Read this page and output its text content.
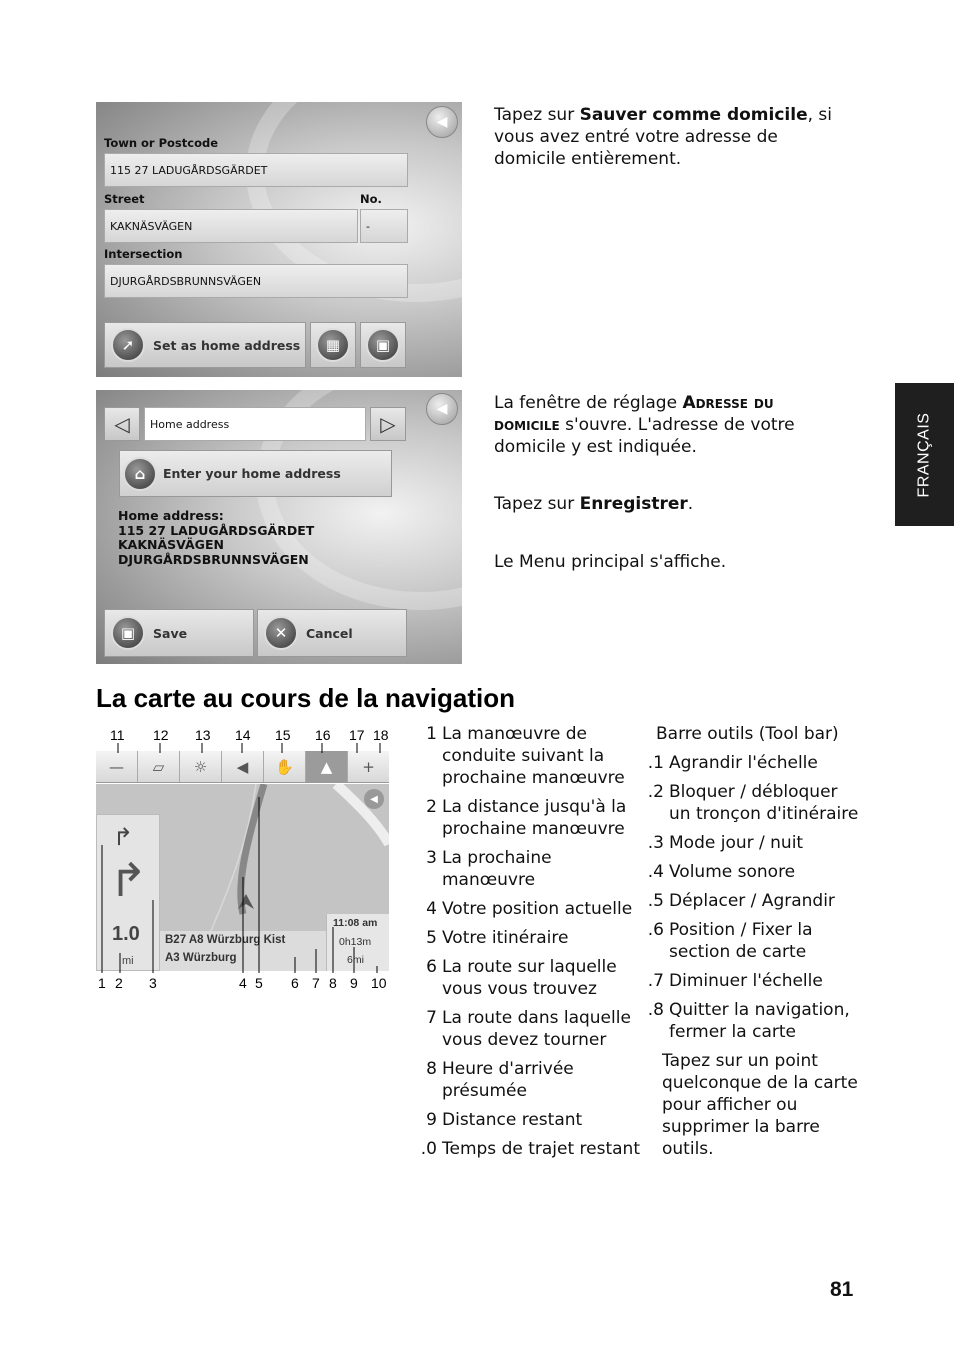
◀
Town or Postcode
115 27 LADUGÅRDSGÄRDET
Street	No.
KAKNÄSVÄGEN	-
Intersection
DJURGÅRDSBRUNNSVÄGEN
➚	Set as home address	▦	▣
◀
◁	Home address	▷
⌂	Enter your home address
Home address:
115 27 LADUGÅRDSGÄRDET
KAKNÄSVÄGEN
DJURGÅRDSBRUNNSVÄGEN
▣	Save	✕	Cancel
Tapez sur Sauver comme domicile, si vous avez entré votre adresse de domicile entièrement.
La fenêtre de réglage Adresse du domicile s'ouvre. L'adresse de votre domicile y est indiquée.
Tapez sur Enregistrer.
Le Menu principal s'affiche.
FRANÇAIS
La carte au cours de la navigation
11 12 13 14 15 16 17 18
—	▱	☼	◀	✋	▲	+
◀
↱
↱
1.0
mi
B27 A8 Würzburg Kist
A3 Würzburg
11:08 am
0h13m
6mi
1 2 3	4 5 6 7 8 9 10
1 La manœuvre de conduite suivant la prochaine manœuvre
2 La distance jusqu'à la prochaine manœuvre
3 La prochaine manœuvre
4 Votre position actuelle
5 Votre itinéraire
6 La route sur laquelle vous vous trouvez
7 La route dans laquelle vous devez tourner
8 Heure d'arrivée présumée
9 Distance restant
.0 Temps de trajet restant
Barre outils (Tool bar)
.1 Agrandir l'échelle
.2 Bloquer / débloquer un tronçon d'itinéraire
.3 Mode jour / nuit
.4 Volume sonore
.5 Déplacer / Agrandir
.6 Position / Fixer la section de carte
.7 Diminuer l'échelle
.8 Quitter la navigation, fermer la carte
Tapez sur un point quelconque de la carte pour afficher ou supprimer la barre outils.
81
